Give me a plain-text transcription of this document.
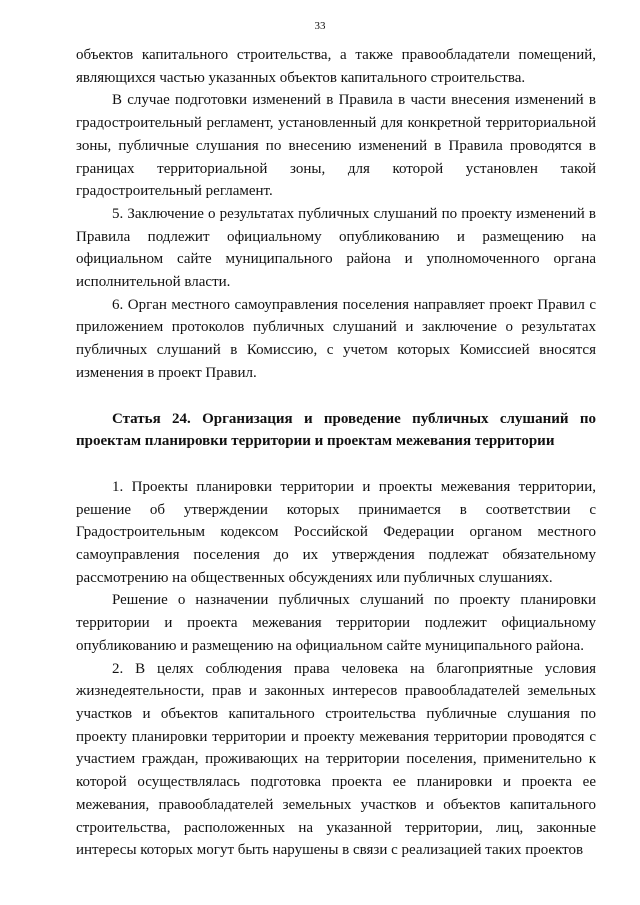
33

объектов капитального строительства, а также правообладатели помещений, являющихся частью указанных объектов капитального строительства.

В случае подготовки изменений в Правила в части внесения изменений в градостроительный регламент, установленный для конкретной территориальной зоны, публичные слушания по внесению изменений в Правила проводятся в границах территориальной зоны, для которой установлен такой градостроительный регламент.

5. Заключение о результатах публичных слушаний по проекту изменений в Правила подлежит официальному опубликованию и размещению на официальном сайте муниципального района и уполномоченного органа исполнительной власти.

6. Орган местного самоуправления поселения направляет проект Правил с приложением протоколов публичных слушаний и заключение о результатах публичных слушаний в Комиссию, с учетом которых Комиссией вносятся изменения в проект Правил.

Статья 24. Организация и проведение публичных слушаний по проектам планировки территории и проектам межевания территории

1. Проекты планировки территории и проекты межевания территории, решение об утверждении которых принимается в соответствии с Градостроительным кодексом Российской Федерации органом местного самоуправления поселения до их утверждения подлежат обязательному рассмотрению на общественных обсуждениях или публичных слушаниях.

Решение о назначении публичных слушаний по проекту планировки территории и проекта межевания территории подлежит официальному опубликованию и размещению на официальном сайте муниципального района.

2. В целях соблюдения права человека на благоприятные условия жизнедеятельности, прав и законных интересов правообладателей земельных участков и объектов капитального строительства публичные слушания по проекту планировки территории и проекту межевания территории проводятся с участием граждан, проживающих на территории поселения, применительно к которой осуществлялась подготовка проекта ее планировки и проекта ее межевания, правообладателей земельных участков и объектов капитального строительства, расположенных на указанной территории, лиц, законные интересы которых могут быть нарушены в связи с реализацией таких проектов
